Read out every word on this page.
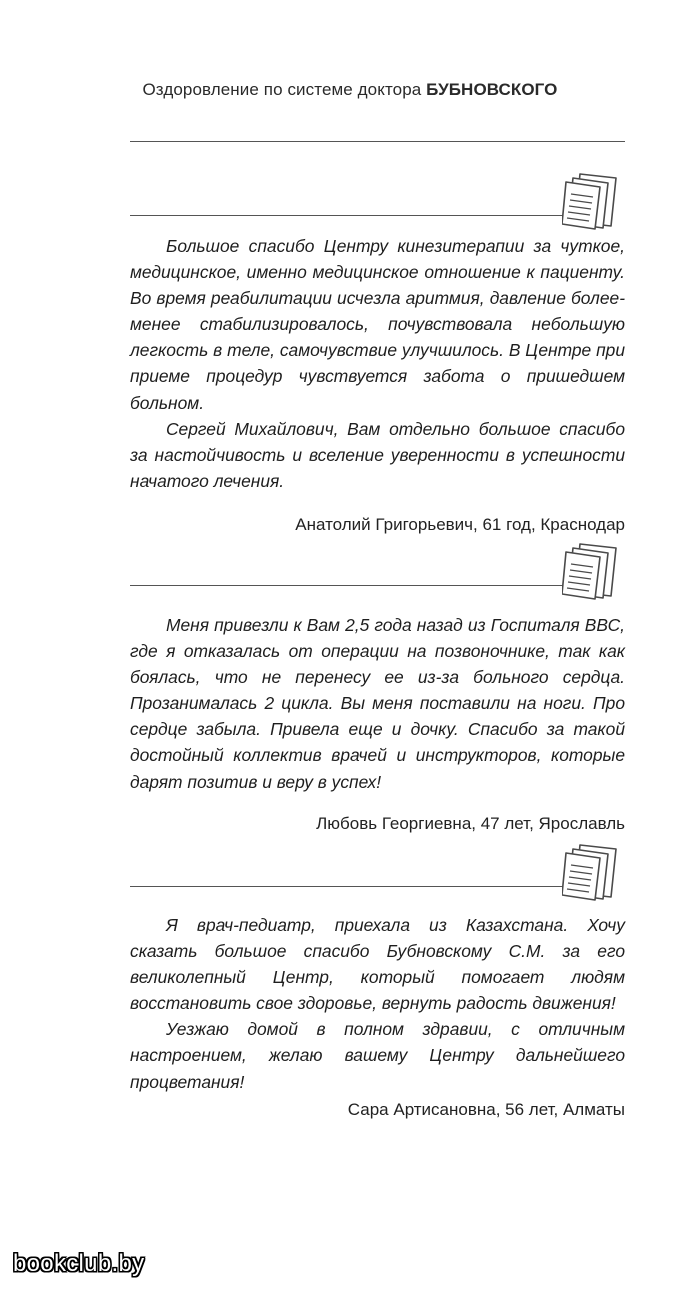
Оздоровление по системе доктора БУБНОВСКОГО

Большое спасибо Центру кинезитерапии за чуткое, медицинское, именно медицинское отношение к пациенту. Во время реабилитации исчезла аритмия, давление более-менее стабилизировалось, почувствовала небольшую легкость в теле, самочувствие улучшилось. В Центре при приеме процедур чувствуется забота о пришедшем больном.

Сергей Михайлович, Вам отдельно большое спасибо за настойчивость и вселение уверенности в успешности начатого лечения.

Анатолий Григорьевич, 61 год, Краснодар

Меня привезли к Вам 2,5 года назад из Госпиталя ВВС, где я отказалась от операции на позвоночнике, так как боялась, что не перенесу ее из-за больного сердца. Прозанималась 2 цикла. Вы меня поставили на ноги. Про сердце забыла. Привела еще и дочку. Спасибо за такой достойный коллектив врачей и инструкторов, которые дарят позитив и веру в успех!

Любовь Георгиевна, 47 лет, Ярославль

Я врач-педиатр, приехала из Казахстана. Хочу сказать большое спасибо Бубновскому С.М. за его великолепный Центр, который помогает людям восстановить свое здоровье, вернуть радость движения!

Уезжаю домой в полном здравии, с отличным настроением, желаю вашему Центру дальнейшего процветания!

Сара Артисановна, 56 лет, Алматы
bookclub.by
